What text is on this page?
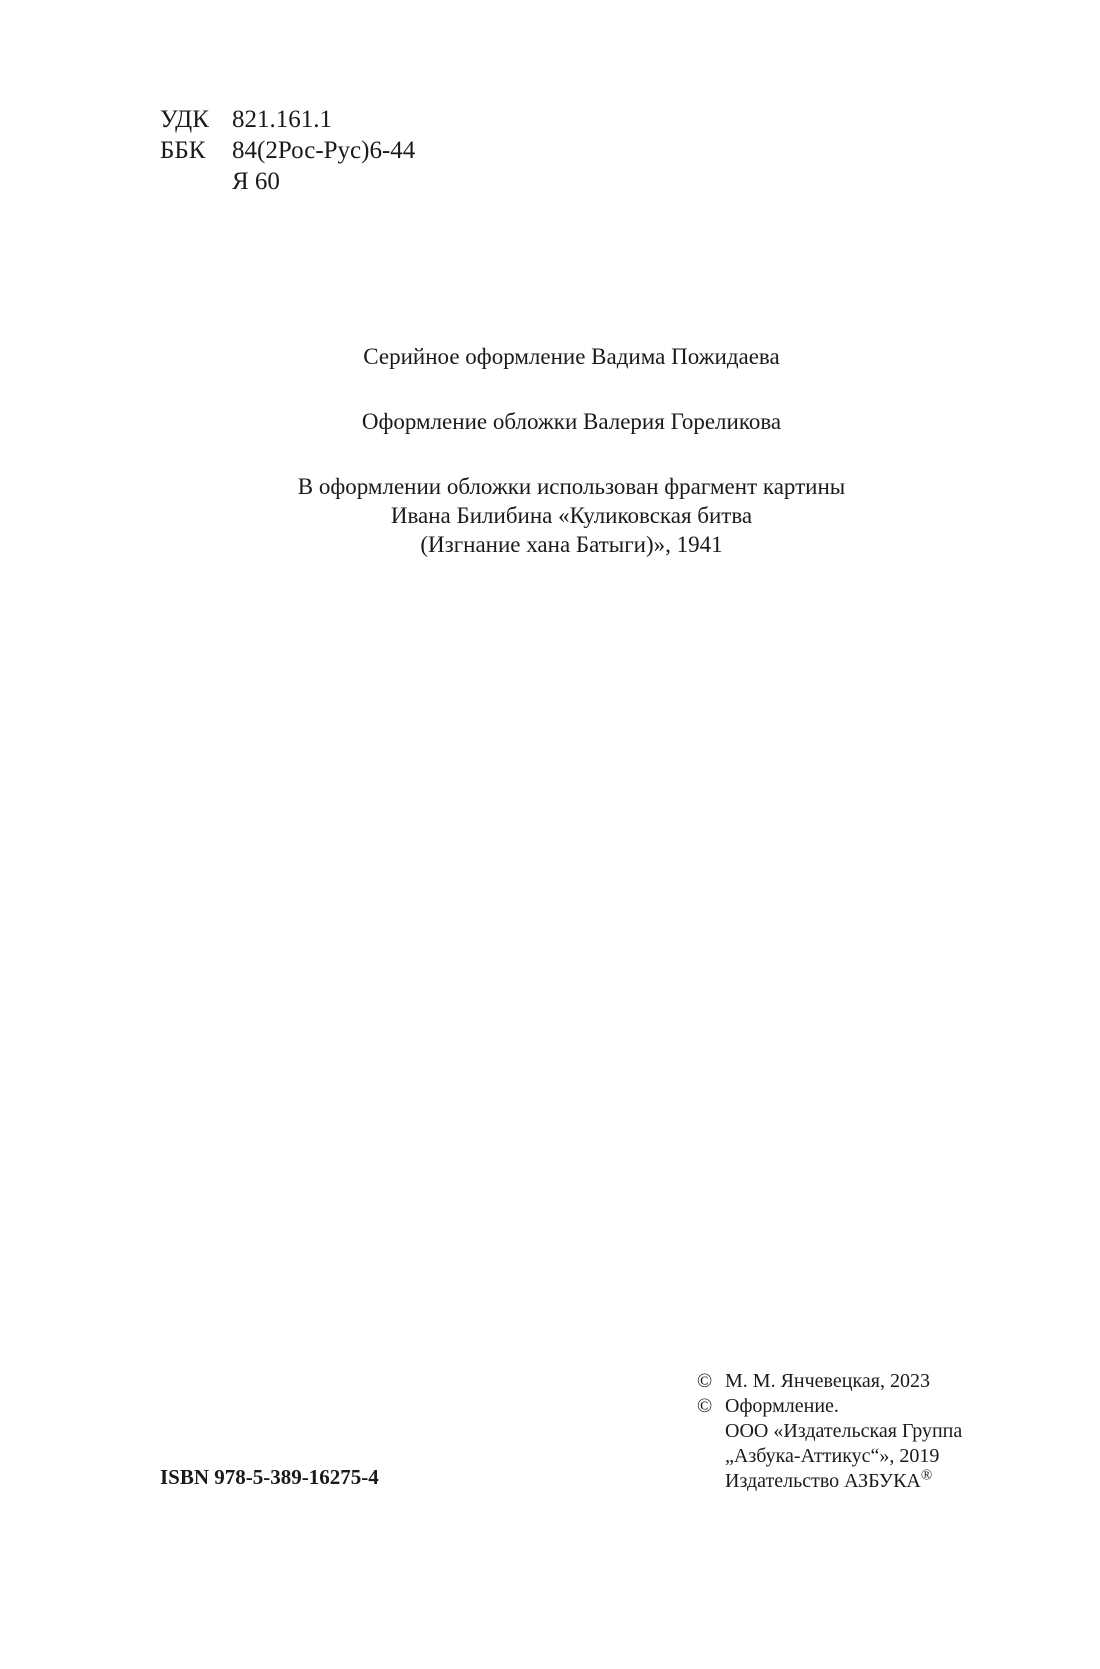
УДК 821.161.1
ББК	84(2Рос-Рус)6-44
Я 60

Серийное оформление Вадима Пожидаева

Оформление обложки Валерия Гореликова

В оформлении обложки использован фрагмент картины

Ивана Билибина «Куликовская битва

(Изгнание хана Батыги)», 1941

ISBN 978-5-389-16275-4
© М. М. Янчевецкая, 2023
© Оформление.
ООО «Издательская Группа
„Азбука-Аттикус“», 2019
Издательство АЗБУКА®
